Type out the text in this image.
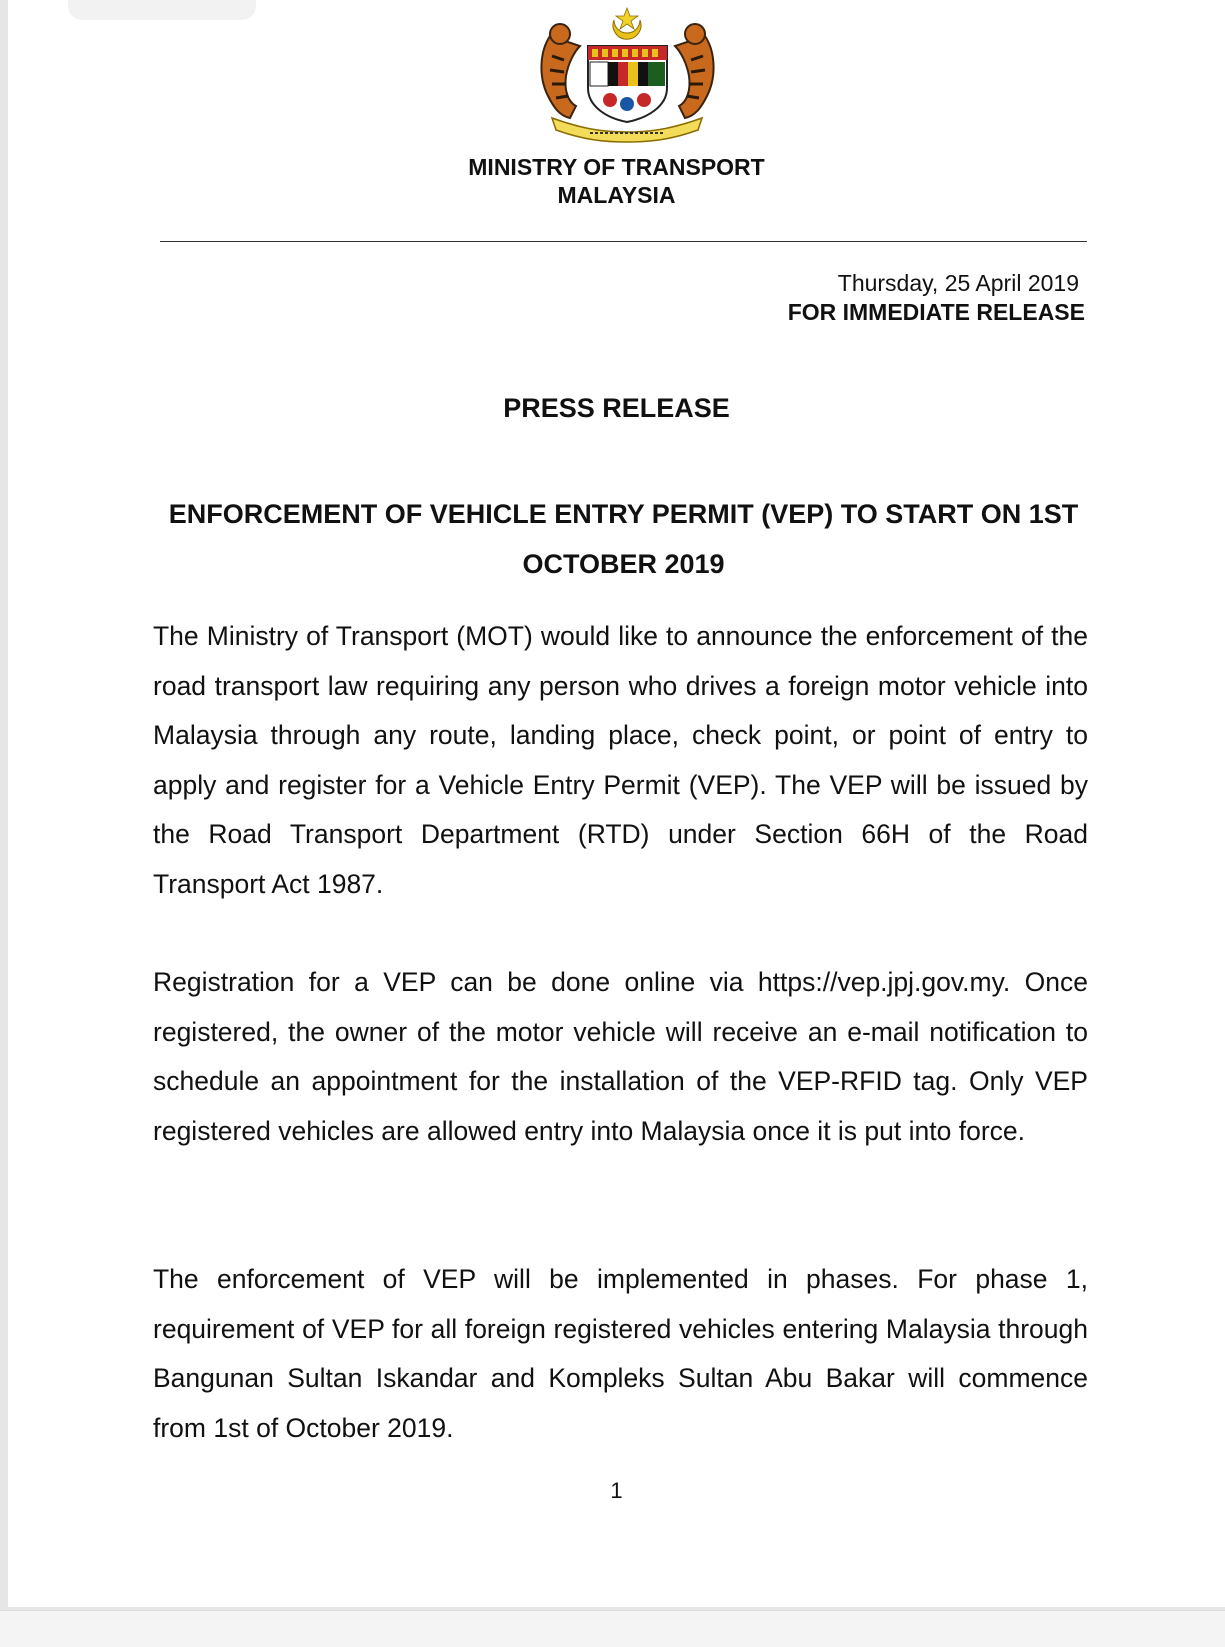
MINISTRY OF TRANSPORT
MALAYSIA
Thursday, 25 April 2019
FOR IMMEDIATE RELEASE
PRESS RELEASE
ENFORCEMENT OF VEHICLE ENTRY PERMIT (VEP) TO START ON 1ST OCTOBER 2019

The Ministry of Transport (MOT) would like to announce the enforcement of the road transport law requiring any person who drives a foreign motor vehicle into Malaysia through any route, landing place, check point, or point of entry to apply and register for a Vehicle Entry Permit (VEP). The VEP will be issued by the Road Transport Department (RTD) under Section 66H of the Road Transport Act 1987.

Registration for a VEP can be done online via https://vep.jpj.gov.my. Once registered, the owner of the motor vehicle will receive an e-mail notification to schedule an appointment for the installation of the VEP-RFID tag. Only VEP registered vehicles are allowed entry into Malaysia once it is put into force.

The enforcement of VEP will be implemented in phases. For phase 1, requirement of VEP for all foreign registered vehicles entering Malaysia through Bangunan Sultan Iskandar and Kompleks Sultan Abu Bakar will commence from 1st of October 2019.

1
